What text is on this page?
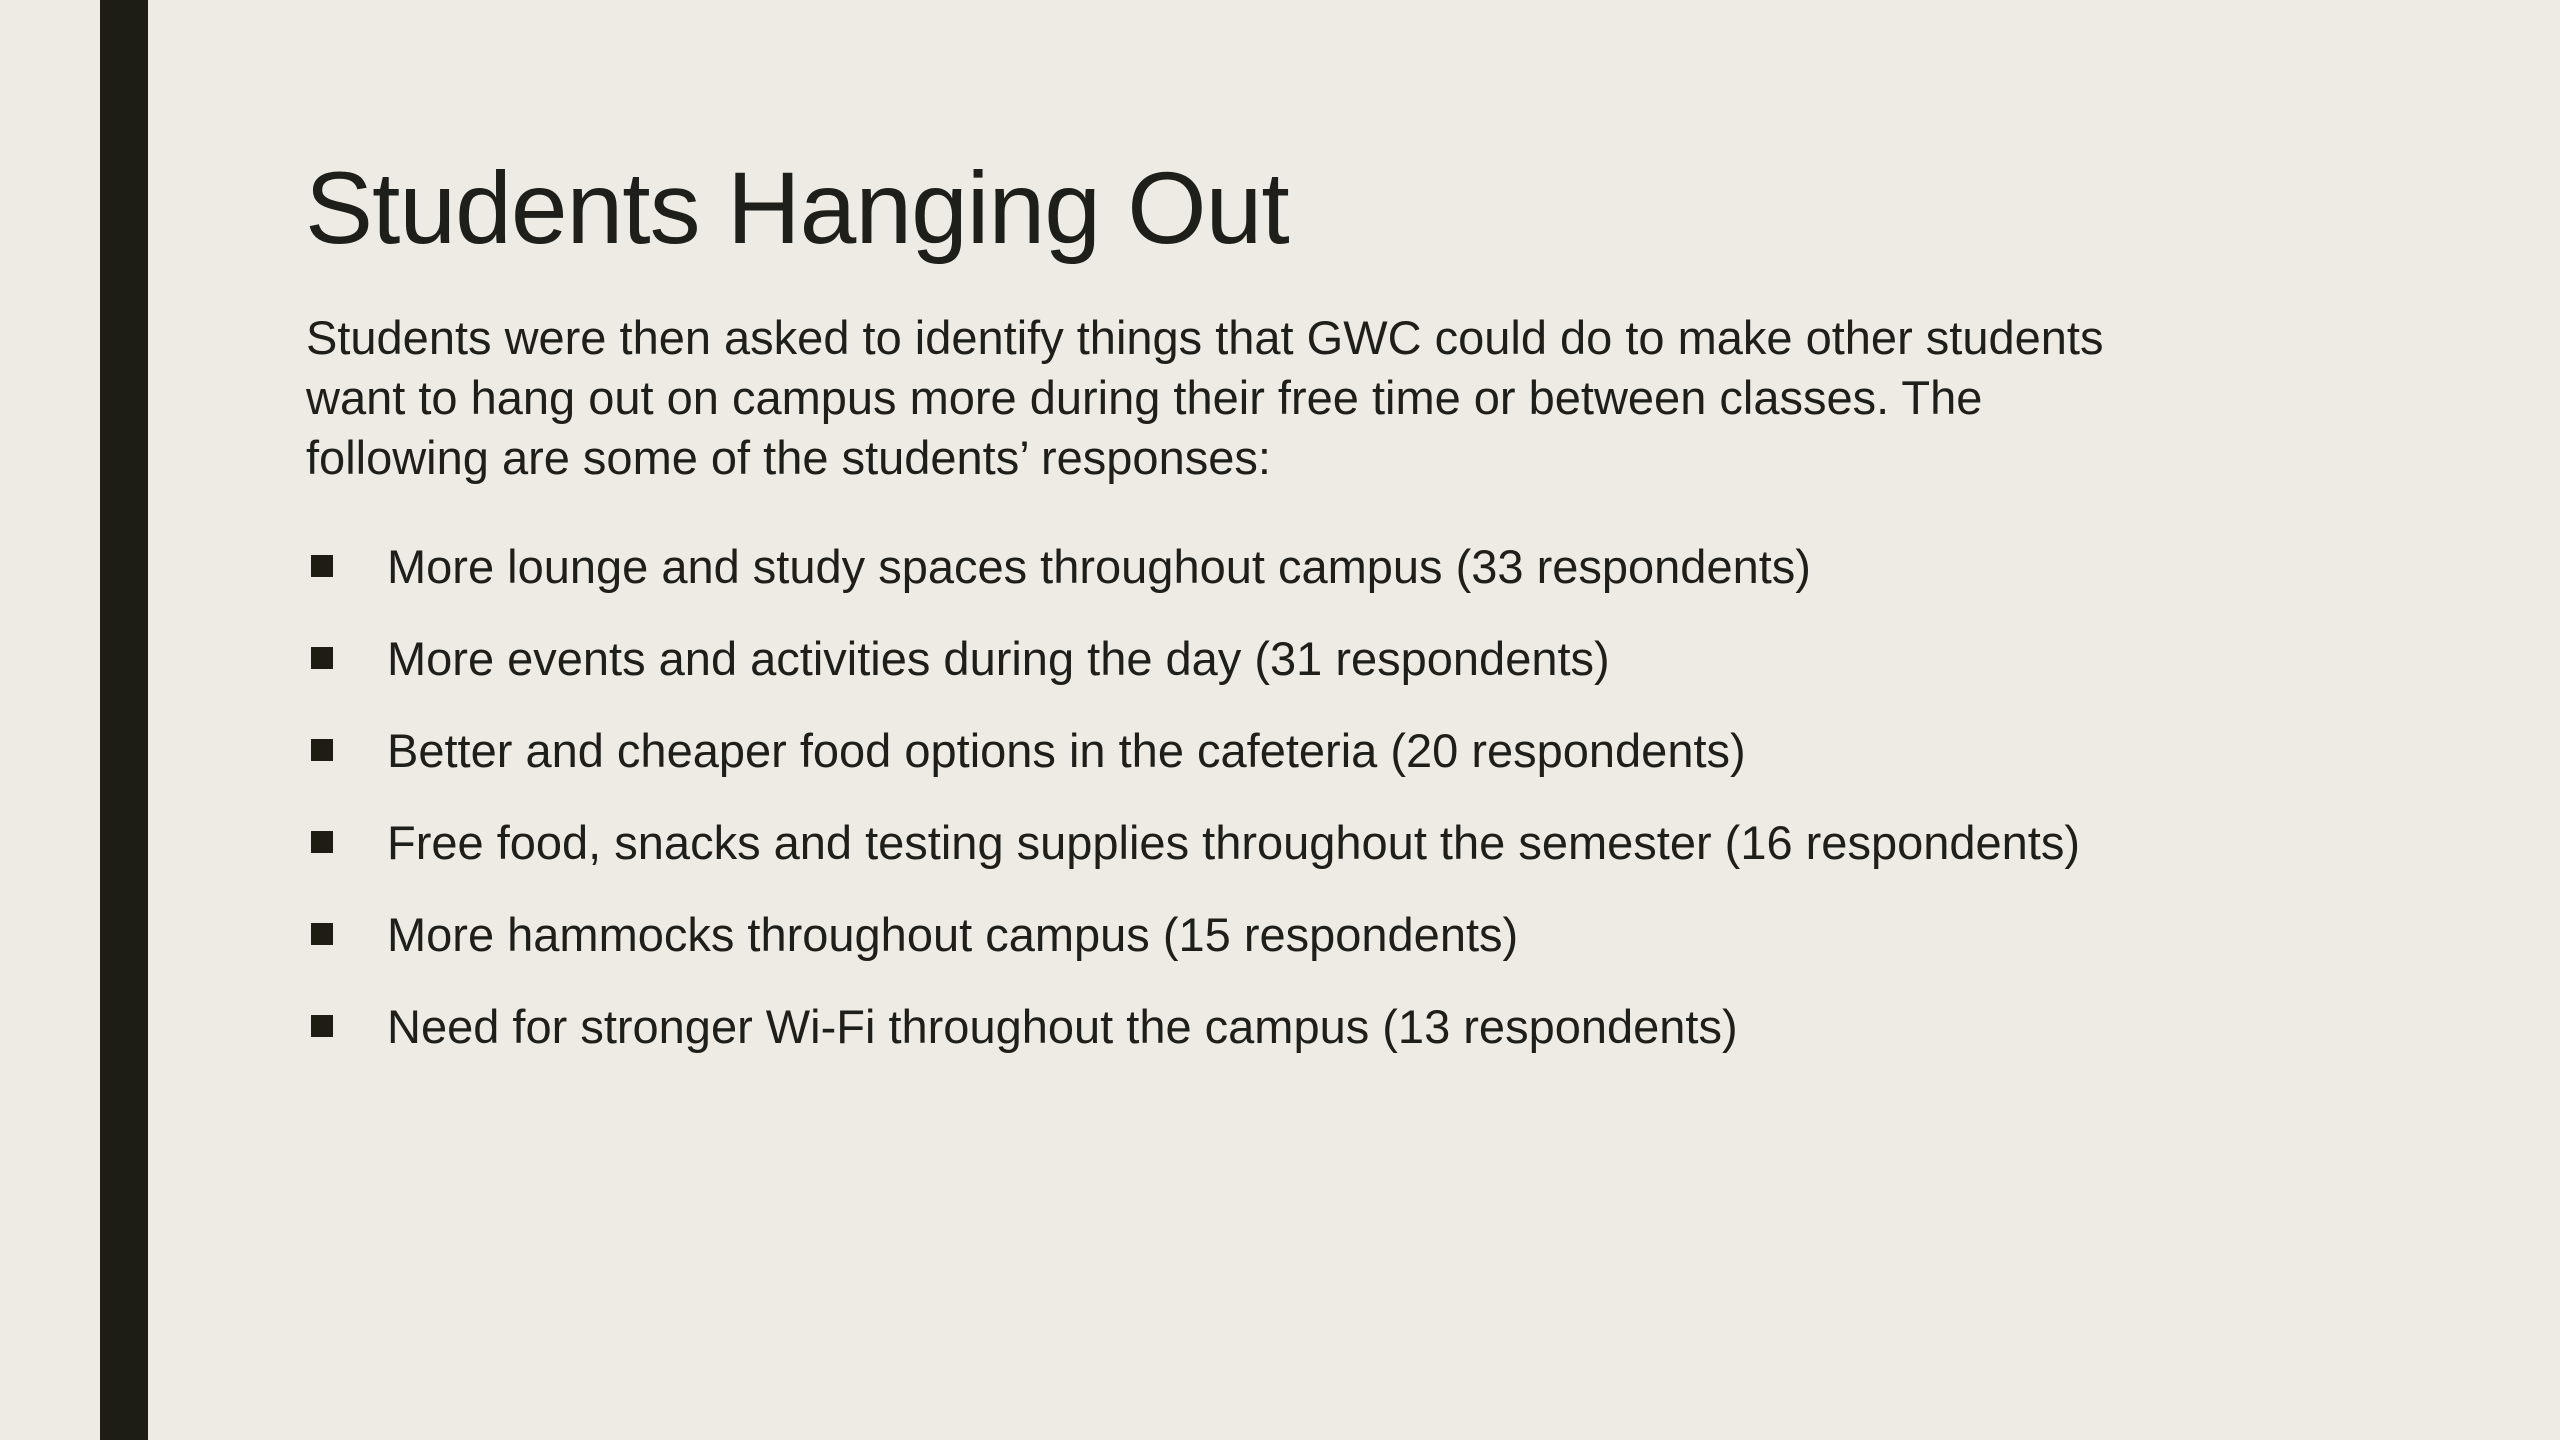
Students Hanging Out

Students were then asked to identify things that GWC could do to make other students
want to hang out on campus more during their free time or between classes. The
following are some of the students’ responses:

More lounge and study spaces throughout campus (33 respondents)
More events and activities during the day (31 respondents)
Better and cheaper food options in the cafeteria (20 respondents)
Free food, snacks and testing supplies throughout the semester (16 respondents)
More hammocks throughout campus (15 respondents)
Need for stronger Wi-Fi throughout the campus (13 respondents)
